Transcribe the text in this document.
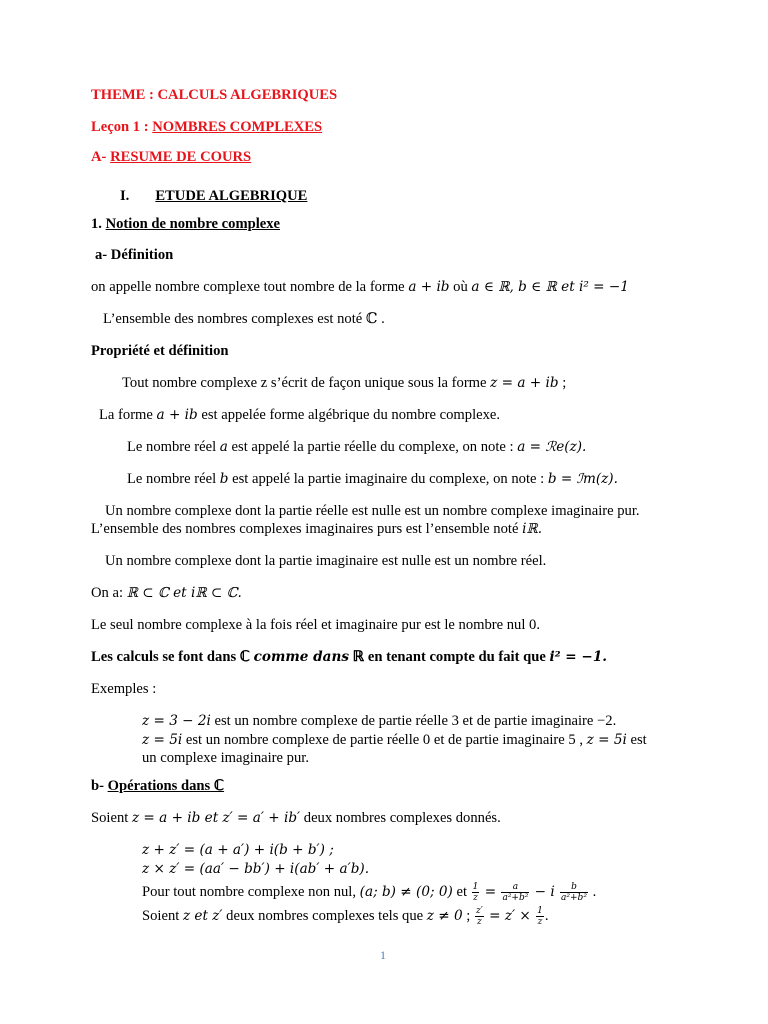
THEME : CALCULS ALGEBRIQUES
Leçon 1 : NOMBRES COMPLEXES
A- RESUME DE COURS
I. ETUDE ALGEBRIQUE
1. Notion de nombre complexe
a- Définition
on appelle nombre complexe tout nombre de la forme a + ib où a ∈ ℝ, b ∈ ℝ et i² = −1
L’ensemble des nombres complexes est noté ℂ .
Propriété et définition
Tout nombre complexe z s’écrit de façon unique sous la forme z = a + ib ;
La forme a + ib est appelée forme algébrique du nombre complexe.
Le nombre réel a est appelé la partie réelle du complexe, on note : a = ℛe(z).
Le nombre réel b est appelé la partie imaginaire du complexe, on note : b = ℐm(z).
Un nombre complexe dont la partie réelle est nulle est un nombre complexe imaginaire pur.
L’ensemble des nombres complexes imaginaires purs est l’ensemble noté iℝ.
Un nombre complexe dont la partie imaginaire est nulle est un nombre réel.
On a: ℝ ⊂ ℂ et iℝ ⊂ ℂ.
Le seul nombre complexe à la fois réel et imaginaire pur est le nombre nul 0.
Les calculs se font dans ℂ comme dans ℝ en tenant compte du fait que i² = −1.
Exemples :
z = 3 − 2i est un nombre complexe de partie réelle 3 et de partie imaginaire −2.
z = 5i est un nombre complexe de partie réelle 0 et de partie imaginaire 5 , z = 5i est
un complexe imaginaire pur.
b- Opérations dans ℂ
Soient z = a + ib et z′ = a′ + ib′ deux nombres complexes donnés.
z + z′ = (a + a′) + i(b + b′) ;
z × z′ = (aa′ − bb′) + i(ab′ + a′b).
Pour tout nombre complexe non nul, (a; b) ≠ (0; 0) et $\frac{1}{z} = \frac{a}{\text{a²+b²}} - i \frac{b}{\text{a²+b²}}$ .
Soient z et z′ deux nombres complexes tels que z ≠ 0 ; $\frac{z'}{z} = z' \times \frac{1}{z}$ .
1
